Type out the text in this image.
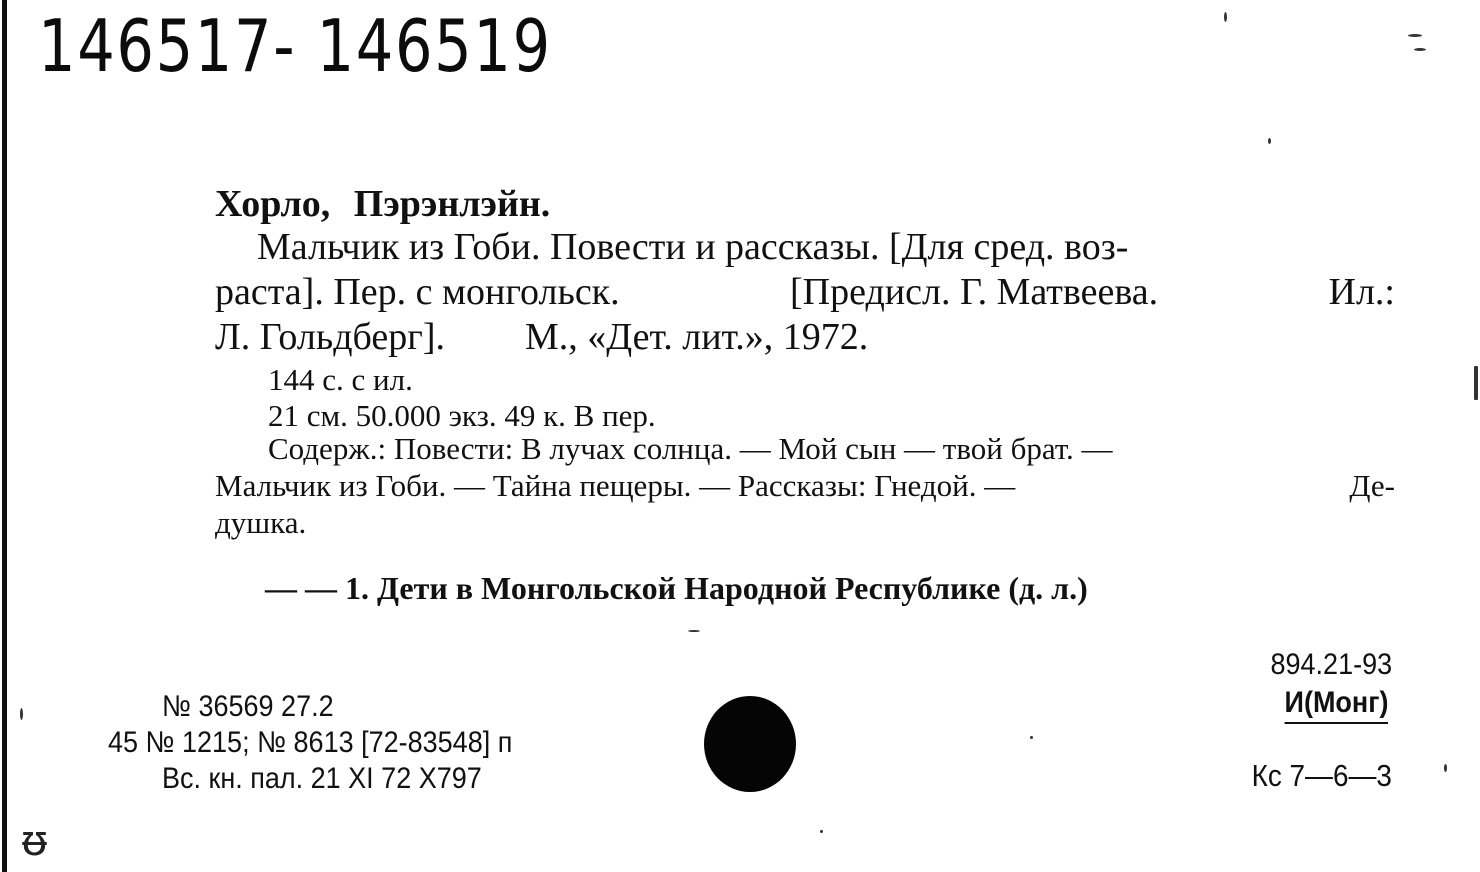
146517- 146519
Хорло, Пэрэнлэйн.
Мальчик из Гоби. Повести и рассказы. [Для сред. воз-
раста]. Пер. с монгольск.	[Предисл. Г. Матвеева.	Ил.:
Л. Гольдберг]. М., «Дет. лит.», 1972.
144 с. с ил.
21 см. 50.000 экз. 49 к. В пер.
Содерж.: Повести: В лучах солнца. — Мой сын — твой брат. —
Мальчик из Гоби. — Тайна пещеры. — Рассказы: Гнедой. —	Де-
душка.
— — 1. Дети в Монгольской Народной Республике (д. л.)
№ 36569 27.2
45 № 1215; № 8613 [72-83548] п
Вс. кн. пал. 21 XI 72 X797
894.21-93
И(Монг)
Кс 7—6—3
ᵿ
